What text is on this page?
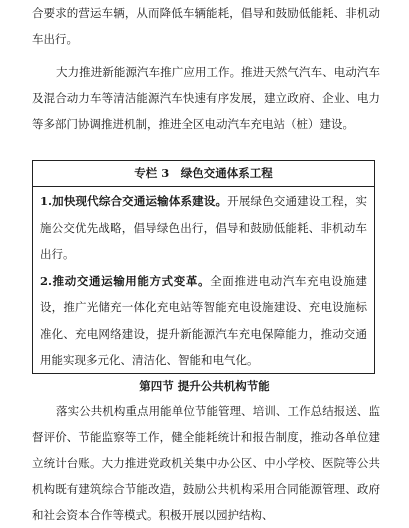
合要求的营运车辆，从而降低车辆能耗，倡导和鼓励低能耗、非机动车出行。

大力推进新能源汽车推广应用工作。推进天然气汽车、电动汽车及混合动力车等清洁能源汽车快速有序发展，建立政府、企业、电力等多部门协调推进机制，推进全区电动汽车充电站（桩）建设。

专栏 3　绿色交通体系工程

1.加快现代综合交通运输体系建设。开展绿色交通建设工程，实施公交优先战略，倡导绿色出行，倡导和鼓励低能耗、非机动车出行。

2.推动交通运输用能方式变革。全面推进电动汽车充电设施建设，推广光储充一体化充电站等智能充电设施建设、充电设施标准化、充电网络建设，提升新能源汽车充电保障能力，推动交通用能实现多元化、清洁化、智能和电气化。

第四节 提升公共机构节能

落实公共机构重点用能单位节能管理、培训、工作总结报送、监督评价、节能监察等工作，健全能耗统计和报告制度，推动各单位建立统计台账。大力推进党政机关集中办公区、中小学校、医院等公共机构既有建筑综合节能改造，鼓励公共机构采用合同能源管理、政府和社会资本合作等模式。积极开展以园护结构、
